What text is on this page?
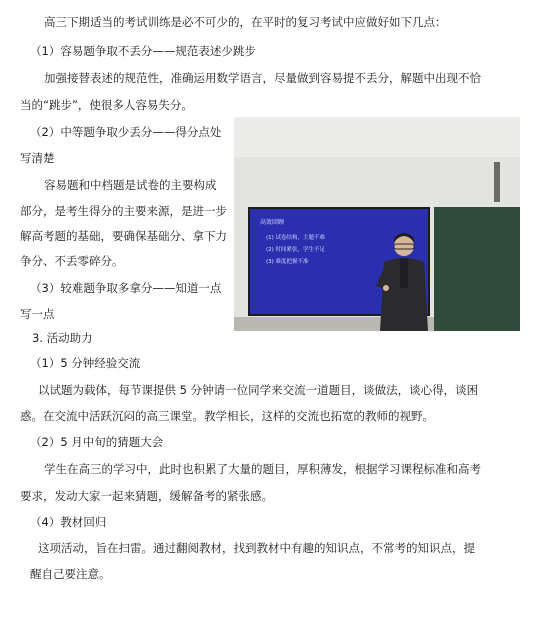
高三下期适当的考试训练是必不可少的，在平时的复习考试中应做好如下几点：
（1）容易题争取不丢分——规范表述少跳步
加强接替表述的规范性，准确运用数学语言，尽量做到容易提不丢分，解题中出现不恰
当的“跳步”，使很多人容易失分。
（2）中等题争取少丢分——得分点处
写清楚
容易题和中档题是试卷的主要构成
部分，是考生得分的主要来源，是进一步
解高考题的基础，要确保基础分、拿下力
争分、不丢零碎分。
（3）较难题争取多拿分——知道一点
写一点
3. 活动助力
（1）5 分钟经验交流
以试题为载体，每节课提供 5 分钟请一位同学来交流一道题目，谈做法，谈心得，谈困
惑。在交流中活跃沉闷的高三课堂。教学相长，这样的交流也拓宽的教师的视野。
（2）5 月中旬的猜题大会
学生在高三的学习中，此时也积累了大量的题目，厚积薄发，根据学习课程标准和高考
要求，发动大家一起来猜题，缓解备考的紧张感。
（4）教材回归
这项活动，旨在扫雷。通过翻阅教材，找到教材中有趣的知识点，不常考的知识点，提
醒自己要注意。
高效回顾
(1) 试卷结构，主题不难
(2) 时间紧张，学生不足
(3) 难度把握不准
